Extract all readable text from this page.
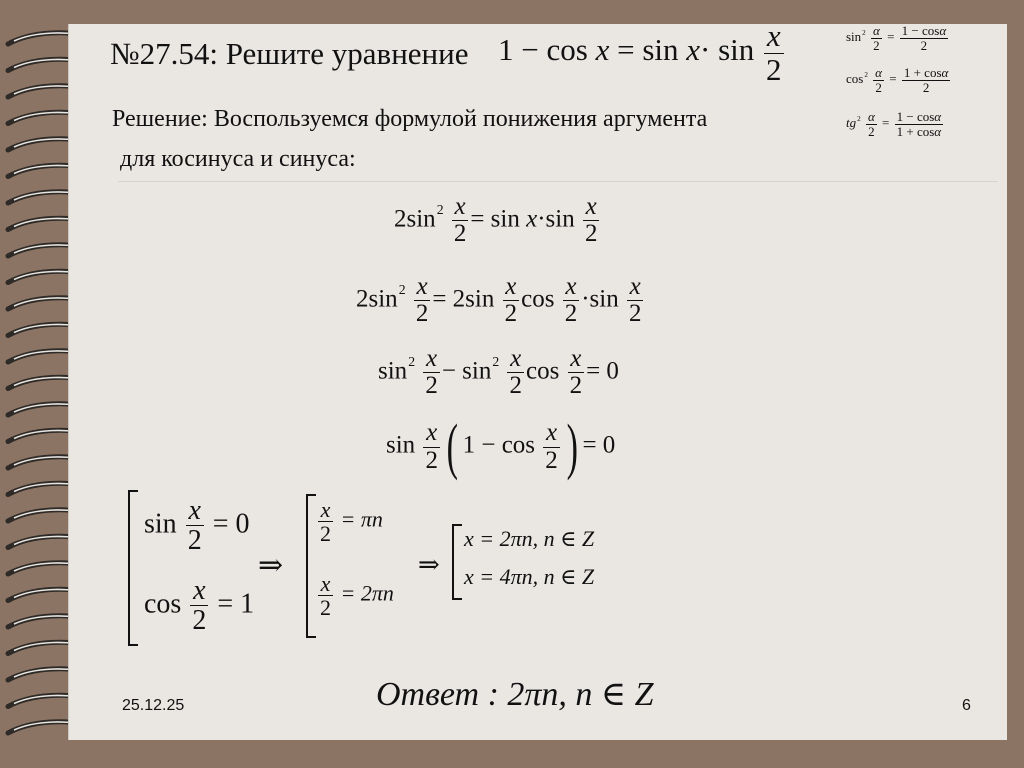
№27.54: Решите уравнение $1 - \cos x = \sin x\cdot \sin \frac{x}{2}$	$\sin^2 \frac{\alpha}{2} = \frac{1 - \cos\alpha}{2}$
$\cos^2 \frac{\alpha}{2} = \frac{1 + \cos\alpha}{2}$
$tg^2 \frac{\alpha}{2} = \frac{1 - \cos\alpha}{1 + \cos\alpha}$
Решение: Воспользуемся формулой понижения аргумента
для косинуса и синуса:
$2\sin^2 \frac{x}{2} = \sin x\cdot\sin \frac{x}{2}$
$2\sin^2 \frac{x}{2} = 2\sin \frac{x}{2}$ $\cos \frac{x}{2} \cdot\sin \frac{x}{2}$
$\sin^2 \frac{x}{2} - \sin^2 \frac{x}{2}$ $\cos \frac{x}{2} = 0$
$\sin \frac{x}{2}$ ( $1 - \cos \frac{x}{2}$ ) = 0
$\sin \frac{x}{2} = 0$
$\cos \frac{x}{2} = 1$
⇒
$\frac{x}{2} = \pi n$
$\frac{x}{2} = 2\pi n$
⇒
x = 2πn, n ∈ Z
x = 4πn, n ∈ Z
Ответ : 2πn, n ∈ Z
25.12.25	6
